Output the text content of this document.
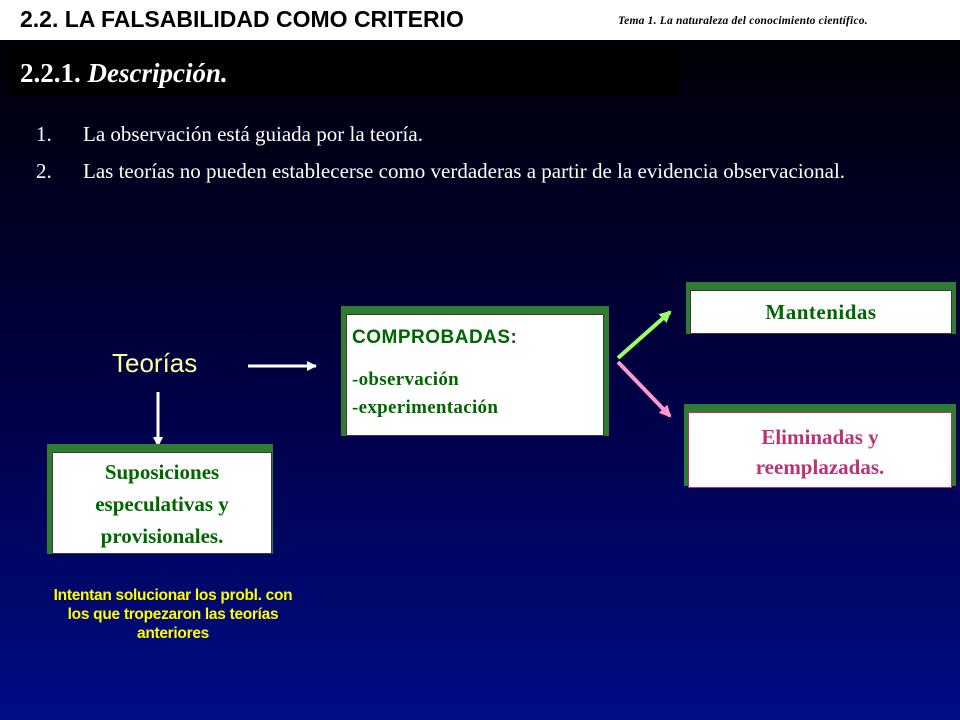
2.2. LA FALSABILIDAD COMO CRITERIO	Tema 1. La naturaleza del conocimiento científico.
2.2.1. Descripción.
1. La observación está guiada por la teoría.
2. Las teorías no pueden establecerse como verdaderas a partir de la evidencia observacional.
Teorías
Suposiciones
especulativas y
provisionales.
COMPROBADAS:
-observación
-experimentación
Mantenidas
Eliminadas y
reemplazadas.
Intentan solucionar los probl. con
los que tropezaron las teorías
anteriores
